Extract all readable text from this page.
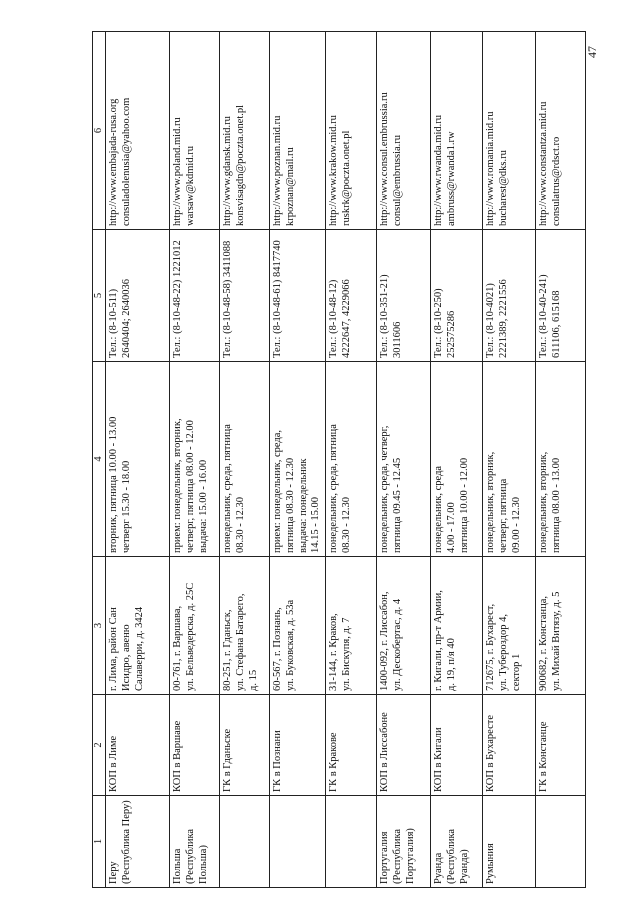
47
1	2	3	4	5	6

Перу (Республика Перу)	КОП в Лиме	г. Лима, район Сан Исидро, авеню Салаверри, д. 3424	вторник, пятница 10.00 - 13.00 четверг 15.30 - 18.00	Тел.: (8-10-511) 2640404; 2640036	http://www.embajada-rusa.org consuladolenusia@yahoo.com

Польша (Республика Польша)	КОП в Варшаве	00-761, г. Варшава, ул. Бельведерска, д. 25С	прием: понедельник, вторник, четверг, пятница 08.00 - 12.00 выдача: 15.00 - 16.00	Тел.: (8-10-48-22) 1221012	http://www.poland.mid.ru warsaw@kdmid.ru

	ГК в Гданьске	80-251, г. Гданьск, ул. Стефана Батарего, д. 15	понедельник, среда, пятница 08.30 - 12.30	Тел.: (8-10-48-58) 3411088	http://www.gdansk.mid.ru konsvisagdn@poczta.onet.pl

	ГК в Познани	60-567, г. Познань, ул. Буковская, д. 53а	прием: понедельник, среда, пятница 08.30 - 12.30 выдача: понедельник 14.15 - 15.00	Тел.: (8-10-48-61) 8417740	http://www.poznan.mid.ru krpoznan@mail.ru

	ГК в Кракове	31-144, г. Краков, ул. Бискупя, д. 7	понедельник, среда, пятница 08.30 - 12.30	Тел.: (8-10-48-12) 4222647, 4229066	http://www.krakow.mid.ru ruskrk@poczta.onet.pl

Португалия (Республика Португалия)	КОП в Лиссабоне	1400-092, г. Лиссабон, ул. Дескобертас, д. 4	понедельник, среда, четверг, пятница 09.45 - 12.45	Тел.: (8-10-351-21) 3011606	http://www.consul.embrussia.ru consul@embrussia.ru

Руанда (Республика Руанда)	КОП в Кигали	г. Кигали, пр-т Армии, д. 19, п/я 40	понедельник, среда 4.00 - 17.00 пятница 10.00 - 12.00	Тел.: (8-10-250) 252575286	http://www.rwanda.mid.ru ambruss@rwanda1.rw

Румыния	КОП в Бухаресте	712675, г. Бухарест, ул. Тубероздор 4, сектор 1	понедельник, вторник, четверг, пятница 09.00 - 12.30	Тел.: (8-10-4021) 2221389, 2221556	http://www.romania.mid.ru bucharest@dks.ru

	ГК в Констанце	900682, г. Констанца, ул. Михай Витязу, д. 5	понедельник, вторник, пятница 08.00 - 13.00	Тел.: (8-10-40-241) 611106, 615168	http://www.constantza.mid.ru consulatrus@rdsct.ro
